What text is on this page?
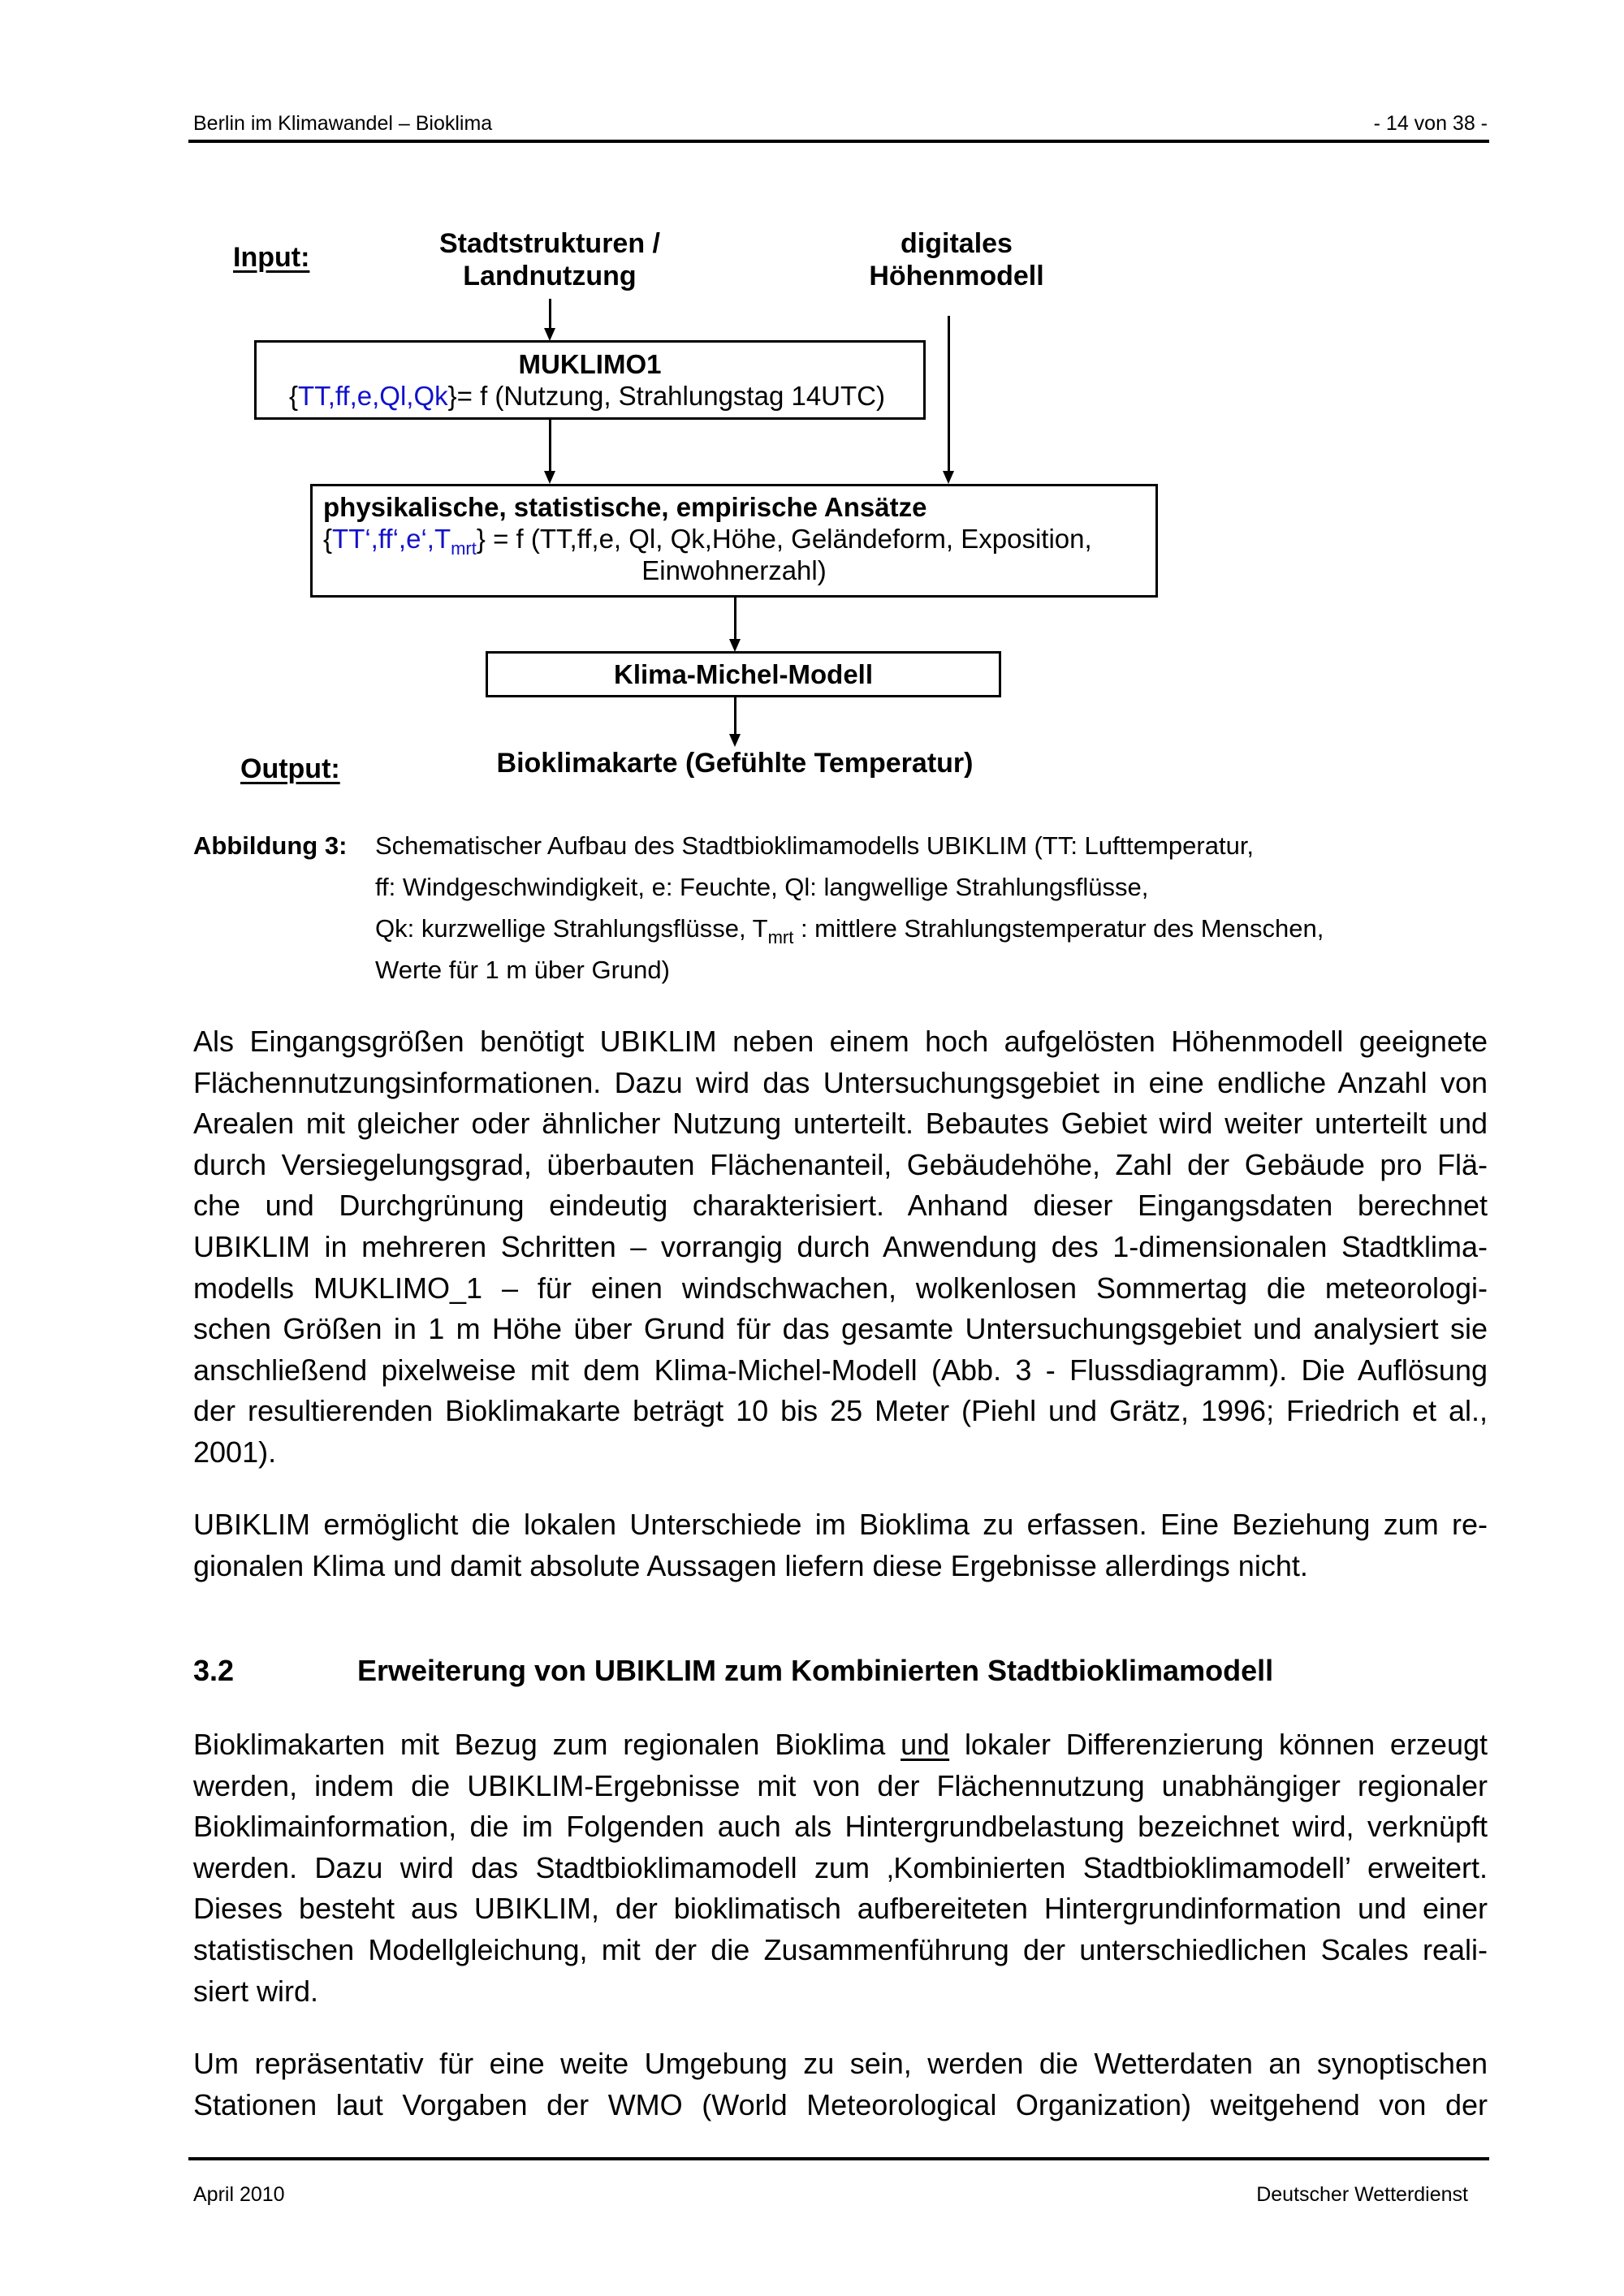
Berlin im Klimawandel – Bioklima	- 14 von 38 -
Input:	Stadtstrukturen /
Landnutzung
digitales
Höhenmodell
MUKLIMO1
{TT,ff,e,Ql,Qk}= f (Nutzung, Strahlungstag 14UTC)
physikalische, statistische, empirische Ansätze
$\{TT‘,ff‘,e‘,T_{mrt}\} = f$ (TT,ff,e, Ql, Qk,Höhe, Geländeform, Exposition,
Einwohnerzahl)
Klima-Michel-Modell
Output:	Bioklimakarte (Gefühlte Temperatur)
Abbildung 3: Schematischer Aufbau des Stadtbioklimamodells UBIKLIM (TT: Lufttemperatur,
ff: Windgeschwindigkeit, e: Feuchte, Ql: langwellige Strahlungsflüsse,
Qk: kurzwellige Strahlungsflüsse, $T_{mrt}$ : mittlere Strahlungstemperatur des Menschen,
Werte für 1 m über Grund)
Als Eingangsgrößen benötigt UBIKLIM neben einem hoch aufgelösten Höhenmodell geeignete
Flächennutzungsinformationen. Dazu wird das Untersuchungsgebiet in eine endliche Anzahl von
Arealen mit gleicher oder ähnlicher Nutzung unterteilt. Bebautes Gebiet wird weiter unterteilt und
durch Versiegelungsgrad, überbauten Flächenanteil, Gebäudehöhe, Zahl der Gebäude pro Flä-
che und Durchgrünung eindeutig charakterisiert. Anhand dieser Eingangsdaten berechnet
UBIKLIM in mehreren Schritten – vorrangig durch Anwendung des 1-dimensionalen Stadtklima-
modells MUKLIMO_1 – für einen windschwachen, wolkenlosen Sommertag die meteorologi-
schen Größen in 1 m Höhe über Grund für das gesamte Untersuchungsgebiet und analysiert sie
anschließend pixelweise mit dem Klima-Michel-Modell (Abb. 3 - Flussdiagramm). Die Auflösung
der resultierenden Bioklimakarte beträgt 10 bis 25 Meter (Piehl und Grätz, 1996; Friedrich et al.,
2001).
UBIKLIM ermöglicht die lokalen Unterschiede im Bioklima zu erfassen. Eine Beziehung zum re-
gionalen Klima und damit absolute Aussagen liefern diese Ergebnisse allerdings nicht.
3.2	Erweiterung von UBIKLIM zum Kombinierten Stadtbioklimamodell
Bioklimakarten mit Bezug zum regionalen Bioklima und lokaler Differenzierung können erzeugt
werden, indem die UBIKLIM-Ergebnisse mit von der Flächennutzung unabhängiger regionaler
Bioklimainformation, die im Folgenden auch als Hintergrundbelastung bezeichnet wird, verknüpft
werden. Dazu wird das Stadtbioklimamodell zum ‚Kombinierten Stadtbioklimamodell’ erweitert.
Dieses besteht aus UBIKLIM, der bioklimatisch aufbereiteten Hintergrundinformation und einer
statistischen Modellgleichung, mit der die Zusammenführung der unterschiedlichen Scales reali-
siert wird.
Um repräsentativ für eine weite Umgebung zu sein, werden die Wetterdaten an synoptischen
Stationen laut Vorgaben der WMO (World Meteorological Organization) weitgehend von der
April 2010	Deutscher Wetterdienst
